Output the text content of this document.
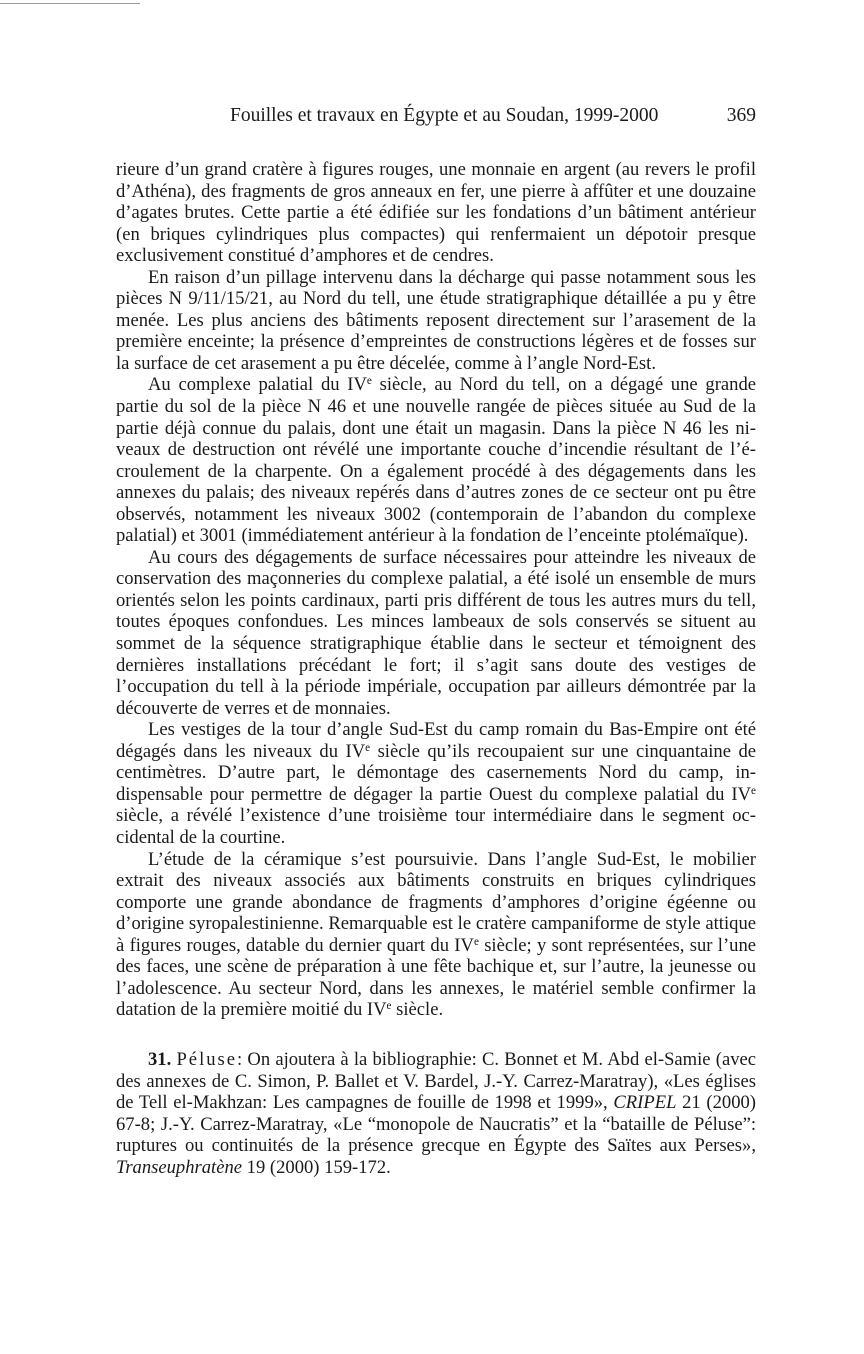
Fouilles et travaux en Égypte et au Soudan, 1999-2000	369

rieure d’un grand cratère à figures rouges, une monnaie en argent (au revers le profil d’Athéna), des fragments de gros anneaux en fer, une pierre à affûter et une douzaine d’agates brutes. Cette partie a été édifiée sur les fondations d’un bâtiment antérieur (en briques cylindriques plus compactes) qui renfermaient un dépotoir presque exclusivement constitué d’amphores et de cendres.

En raison d’un pillage intervenu dans la décharge qui passe notamment sous les pièces N 9/11/15/21, au Nord du tell, une étude stratigraphique détaillée a pu y être menée. Les plus anciens des bâtiments reposent directement sur l’arasement de la première enceinte; la présence d’empreintes de constructions légères et de fosses sur la surface de cet arasement a pu être décelée, comme à l’angle Nord-Est.

Au complexe palatial du IVe siècle, au Nord du tell, on a dégagé une grande partie du sol de la pièce N 46 et une nouvelle rangée de pièces située au Sud de la partie déjà connue du palais, dont une était un magasin. Dans la pièce N 46 les niveaux de destruction ont révélé une importante couche d’incendie résultant de l’écroulement de la charpente. On a également procédé à des dégagements dans les annexes du palais; des niveaux repérés dans d’autres zones de ce secteur ont pu être observés, notamment les niveaux 3002 (contemporain de l’abandon du complexe palatial) et 3001 (immédiatement antérieur à la fondation de l’enceinte ptolémaïque).

Au cours des dégagements de surface nécessaires pour atteindre les niveaux de conservation des maçonneries du complexe palatial, a été isolé un ensemble de murs orientés selon les points cardinaux, parti pris différent de tous les autres murs du tell, toutes époques confondues. Les minces lambeaux de sols conservés se situent au sommet de la séquence stratigraphique établie dans le secteur et témoignent des dernières installations précédant le fort; il s’agit sans doute des vestiges de l’occupation du tell à la période impériale, occupation par ailleurs démontrée par la découverte de verres et de monnaies.

Les vestiges de la tour d’angle Sud-Est du camp romain du Bas-Empire ont été dégagés dans les niveaux du IVe siècle qu’ils recoupaient sur une cinquantaine de centimètres. D’autre part, le démontage des casernements Nord du camp, indispensable pour permettre de dégager la partie Ouest du complexe palatial du IVe siècle, a révélé l’existence d’une troisième tour intermédiaire dans le segment occidental de la courtine.

L’étude de la céramique s’est poursuivie. Dans l’angle Sud-Est, le mobilier extrait des niveaux associés aux bâtiments construits en briques cylindriques comporte une grande abondance de fragments d’amphores d’origine égéenne ou d’origine syropalestinienne. Remarquable est le cratère campaniforme de style attique à figures rouges, datable du dernier quart du IVe siècle; y sont représentées, sur l’une des faces, une scène de préparation à une fête bachique et, sur l’autre, la jeunesse ou l’adolescence. Au secteur Nord, dans les annexes, le matériel semble confirmer la datation de la première moitié du IVe siècle.

31. Péluse: On ajoutera à la bibliographie: C. Bonnet et M. Abd el-Samie (avec des annexes de C. Simon, P. Ballet et V. Bardel, J.-Y. Carrez-Maratray), «Les églises de Tell el-Makhzan: Les campagnes de fouille de 1998 et 1999», CRIPEL 21 (2000) 67-8; J.-Y. Carrez-Maratray, «Le “monopole de Naucratis” et la “bataille de Péluse”: ruptures ou continuités de la présence grecque en Égypte des Saïtes aux Perses», Transeuphratène 19 (2000) 159-172.
